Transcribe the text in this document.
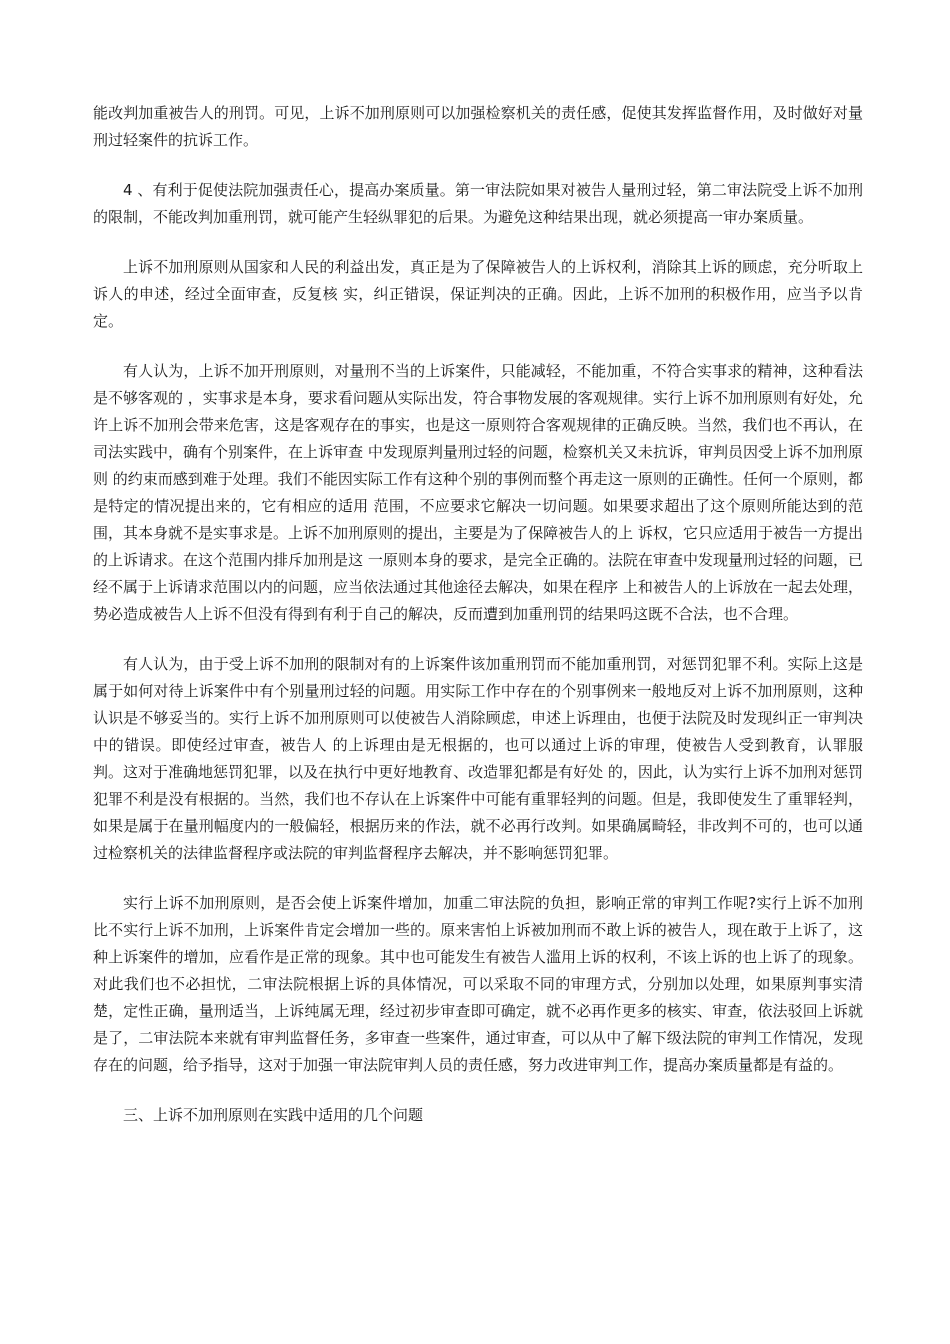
能改判加重被告人的刑罚。可见，上诉不加刑原则可以加强检察机关的责任感，促使其发挥监督作用，及时做好对量刑过轻案件的抗诉工作。

4 、有利于促使法院加强责任心，提高办案质量。第一审法院如果对被告人量刑过轻，第二审法院受上诉不加刑的限制，不能改判加重刑罚，就可能产生轻纵罪犯的后果。为避免这种结果出现，就必须提高一审办案质量。

上诉不加刑原则从国家和人民的利益出发，真正是为了保障被告人的上诉权利，消除其上诉的顾虑，充分听取上诉人的申述，经过全面审查，反复核 实，纠正错误，保证判决的正确。因此，上诉不加刑的积极作用，应当予以肯 定。

有人认为，上诉不加开刑原则，对量刑不当的上诉案件，只能减轻，不能加重，不符合实事求的精神，这种看法是不够客观的 ，实事求是本身，要求看问题从实际出发，符合事物发展的客观规律。实行上诉不加刑原则有好处，允许上诉不加刑会带来危害，这是客观存在的事实，也是这一原则符合客观规律的正确反映。当然，我们也不再认，在司法实践中，确有个别案件，在上诉审查 中发现原判量刑过轻的问题，检察机关又未抗诉，审判员因受上诉不加刑原则 的约束而感到难于处理。我们不能因实际工作有这种个别的事例而整个再走这一原则的正确性。任何一个原则，都是特定的情况提出来的，它有相应的适用 范围，不应要求它解决一切问题。如果要求超出了这个原则所能达到的范围，其本身就不是实事求是。上诉不加刑原则的提出，主要是为了保障被告人的上 诉权，它只应适用于被告一方提出的上诉请求。在这个范围内排斥加刑是这 一原则本身的要求，是完全正确的。法院在审查中发现量刑过轻的问题，已经不属于上诉请求范围以内的问题，应当依法通过其他途径去解决，如果在程序 上和被告人的上诉放在一起去处理，势必造成被告人上诉不但没有得到有利于自己的解决，反而遭到加重刑罚的结果吗这既不合法，也不合理。

有人认为，由于受上诉不加刑的限制对有的上诉案件该加重刑罚而不能加重刑罚，对惩罚犯罪不利。实际上这是属于如何对待上诉案件中有个别量刑过轻的问题。用实际工作中存在的个别事例来一般地反对上诉不加刑原则，这种认识是不够妥当的。实行上诉不加刑原则可以使被告人消除顾虑，申述上诉理由，也便于法院及时发现纠正一审判决中的错误。即使经过审查，被告人 的上诉理由是无根据的，也可以通过上诉的审理，使被告人受到教育，认罪服 判。这对于准确地惩罚犯罪，以及在执行中更好地教育、改造罪犯都是有好处 的，因此，认为实行上诉不加刑对惩罚犯罪不利是没有根据的。当然，我们也不存认在上诉案件中可能有重罪轻判的问题。但是，我即使发生了重罪轻判，如果是属于在量刑幅度内的一般偏轻，根据历来的作法，就不必再行改判。如果确属畸轻，非改判不可的，也可以通过检察机关的法律监督程序或法院的审判监督程序去解决，并不影响惩罚犯罪。

实行上诉不加刑原则，是否会使上诉案件增加，加重二审法院的负担，影响正常的审判工作呢?实行上诉不加刑比不实行上诉不加刑，上诉案件肯定会增加一些的。原来害怕上诉被加刑而不敢上诉的被告人，现在敢于上诉了，这种上诉案件的增加，应看作是正常的现象。其中也可能发生有被告人滥用上诉的权利，不该上诉的也上诉了的现象。对此我们也不必担忧，二审法院根据上诉的具体情况，可以采取不同的审理方式，分别加以处理，如果原判事实清 楚，定性正确，量刑适当，上诉纯属无理，经过初步审查即可确定，就不必再作更多的核实、审查，依法驳回上诉就是了，二审法院本来就有审判监督任务，多审查一些案件，通过审查，可以从中了解下级法院的审判工作情况，发现存在的问题，给予指导，这对于加强一审法院审判人员的责任感，努力改进审判工作，提高办案质量都是有益的。

三、上诉不加刑原则在实践中适用的几个问题
